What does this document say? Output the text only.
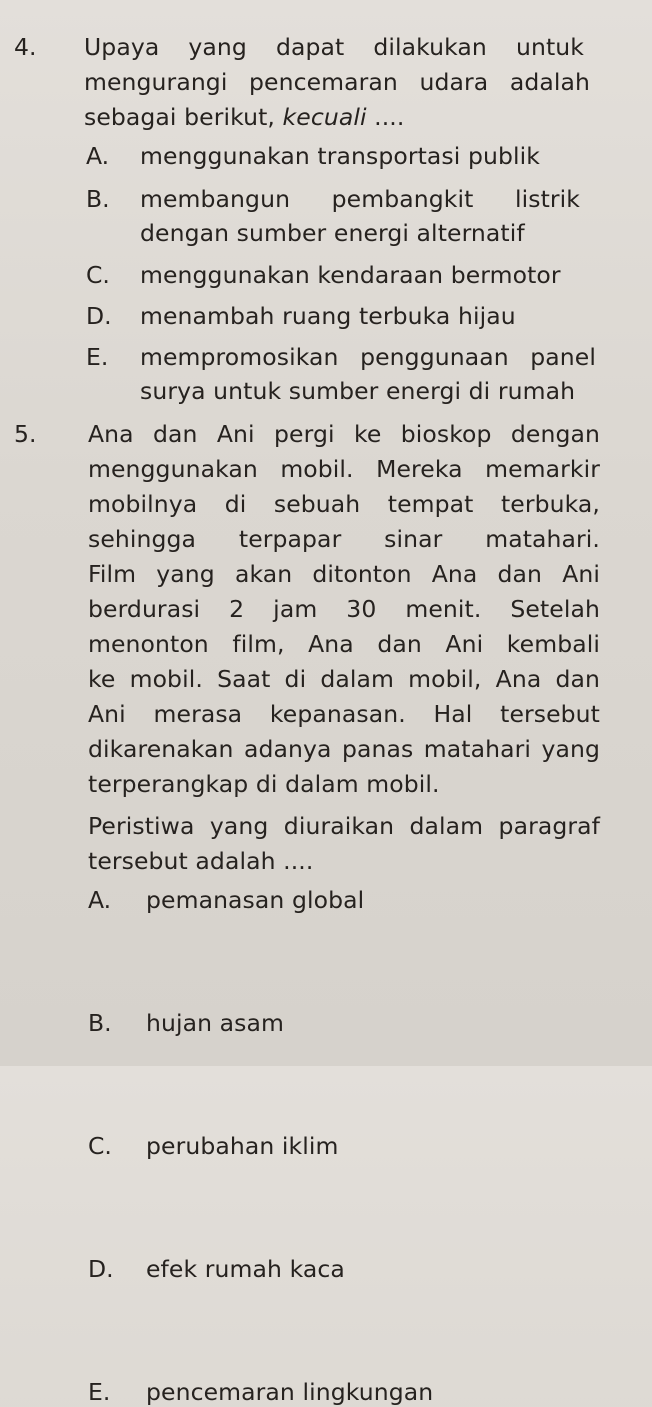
4. Upaya yang dapat dilakukan untuk
mengurangi pencemaran udara adalah
sebagai berikut, kecuali ....
A. menggunakan transportasi publik
B. membangun pembangkit listrik
dengan sumber energi alternatif
C. menggunakan kendaraan bermotor
D. menambah ruang terbuka hijau
E. mempromosikan penggunaan panel
surya untuk sumber energi di rumah
5. Ana dan Ani pergi ke bioskop dengan
menggunakan mobil. Mereka memarkir
mobilnya di sebuah tempat terbuka,
sehingga terpapar sinar matahari.
Film yang akan ditonton Ana dan Ani
berdurasi 2 jam 30 menit. Setelah
menonton film, Ana dan Ani kembali
ke mobil. Saat di dalam mobil, Ana dan
Ani merasa kepanasan. Hal tersebut
dikarenakan adanya panas matahari yang
terperangkap di dalam mobil.
Peristiwa yang diuraikan dalam paragraf
tersebut adalah ....
A. pemanasan global
B. hujan asam
C. perubahan iklim
D. efek rumah kaca
E. pencemaran lingkungan
